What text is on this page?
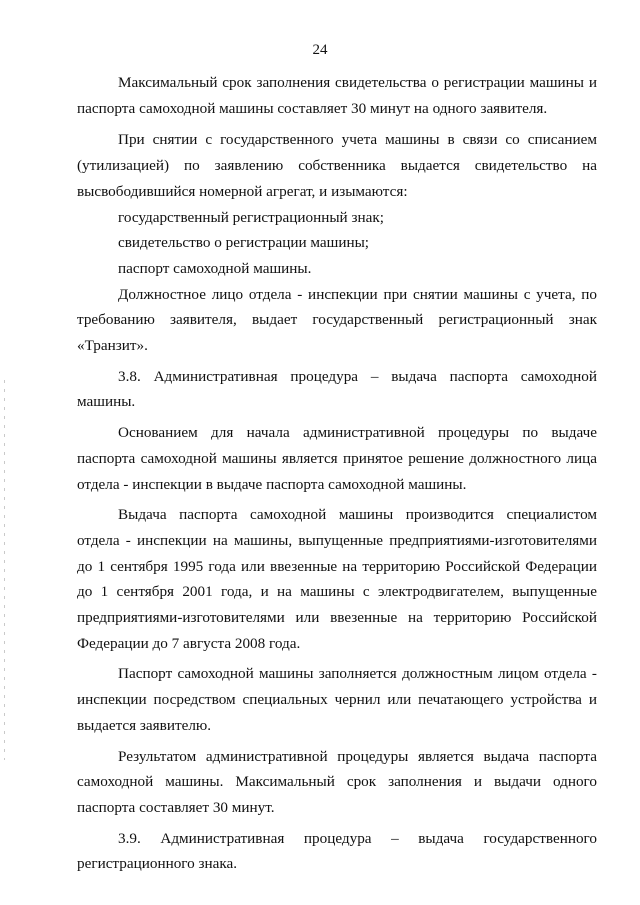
24

Максимальный срок заполнения свидетельства о регистрации машины и паспорта самоходной машины составляет 30 минут на одного заявителя.

При снятии с государственного учета машины в связи со списанием (утилизацией) по заявлению собственника выдается свидетельство на высвободившийся номерной агрегат, и изымаются:

государственный регистрационный знак;

свидетельство о регистрации машины;

паспорт самоходной машины.

Должностное лицо отдела - инспекции при снятии машины с учета, по требованию заявителя, выдает государственный регистрационный знак «Транзит».

3.8. Административная процедура – выдача паспорта самоходной машины.

Основанием для начала административной процедуры по выдаче паспорта самоходной машины является принятое решение должностного лица отдела - инспекции в выдаче паспорта самоходной машины.

Выдача паспорта самоходной машины производится специалистом отдела - инспекции на машины, выпущенные предприятиями-изготовителями до 1 сентября 1995 года или ввезенные на территорию Российской Федерации до 1 сентября 2001 года, и на машины с электродвигателем, выпущенные предприятиями-изготовителями или ввезенные на территорию Российской Федерации до 7 августа 2008 года.

Паспорт самоходной машины заполняется должностным лицом отдела - инспекции посредством специальных чернил или печатающего устройства и выдается заявителю.

Результатом административной процедуры является выдача паспорта самоходной машины. Максимальный срок заполнения и выдачи одного паспорта составляет 30 минут.

3.9. Административная процедура – выдача государственного регистрационного знака.
